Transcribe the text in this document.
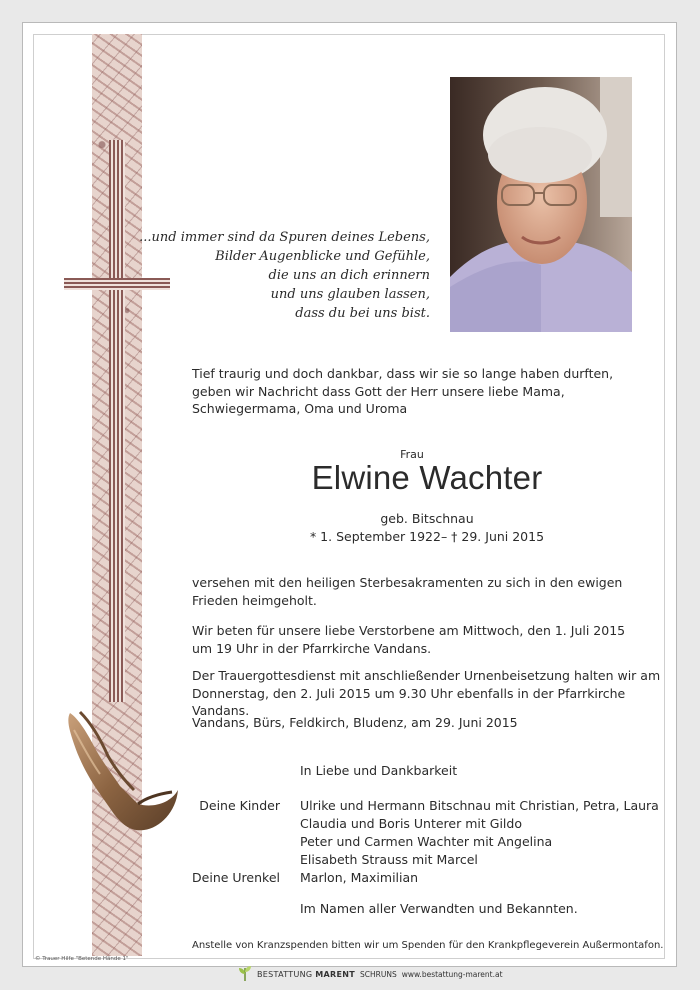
...und immer sind da Spuren deines Lebens,
Bilder Augenblicke und Gefühle,
die uns an dich erinnern
und uns glauben lassen,
dass du bei uns bist.
Tief traurig und doch dankbar, dass wir sie so lange haben durften, geben wir Nachricht dass Gott der Herr unsere liebe Mama, Schwiegermama, Oma und Uroma
Frau
Elwine Wachter
geb. Bitschnau
* 1. September 1922– † 29. Juni 2015
versehen mit den heiligen Sterbesakramenten zu sich in den ewigen Frieden heimgeholt.
Wir beten für unsere liebe Verstorbene am Mittwoch, den 1. Juli 2015 um 19 Uhr in der Pfarrkirche Vandans.
Der Trauergottesdienst mit anschließender Urnenbeisetzung halten wir am Donnerstag, den 2. Juli 2015 um 9.30 Uhr ebenfalls in der Pfarrkirche Vandans.
Vandans, Bürs, Feldkirch, Bludenz, am 29. Juni 2015
In Liebe und Dankbarkeit
Deine Kinder Ulrike und Hermann Bitschnau mit Christian, Petra, Laura
Claudia und Boris Unterer mit Gildo
Peter und Carmen Wachter mit Angelina
Elisabeth Strauss mit Marcel
Marlon, Maximilian
Deine Urenkel
Im Namen aller Verwandten und Bekannten.
Anstelle von Kranzspenden bitten wir um Spenden für den Krankpflegeverein Außermontafon.
© Trauer Hilfe "Betende Hände 1"
BESTATTUNG MARENT SCHRUNS www.bestattung-marent.at
